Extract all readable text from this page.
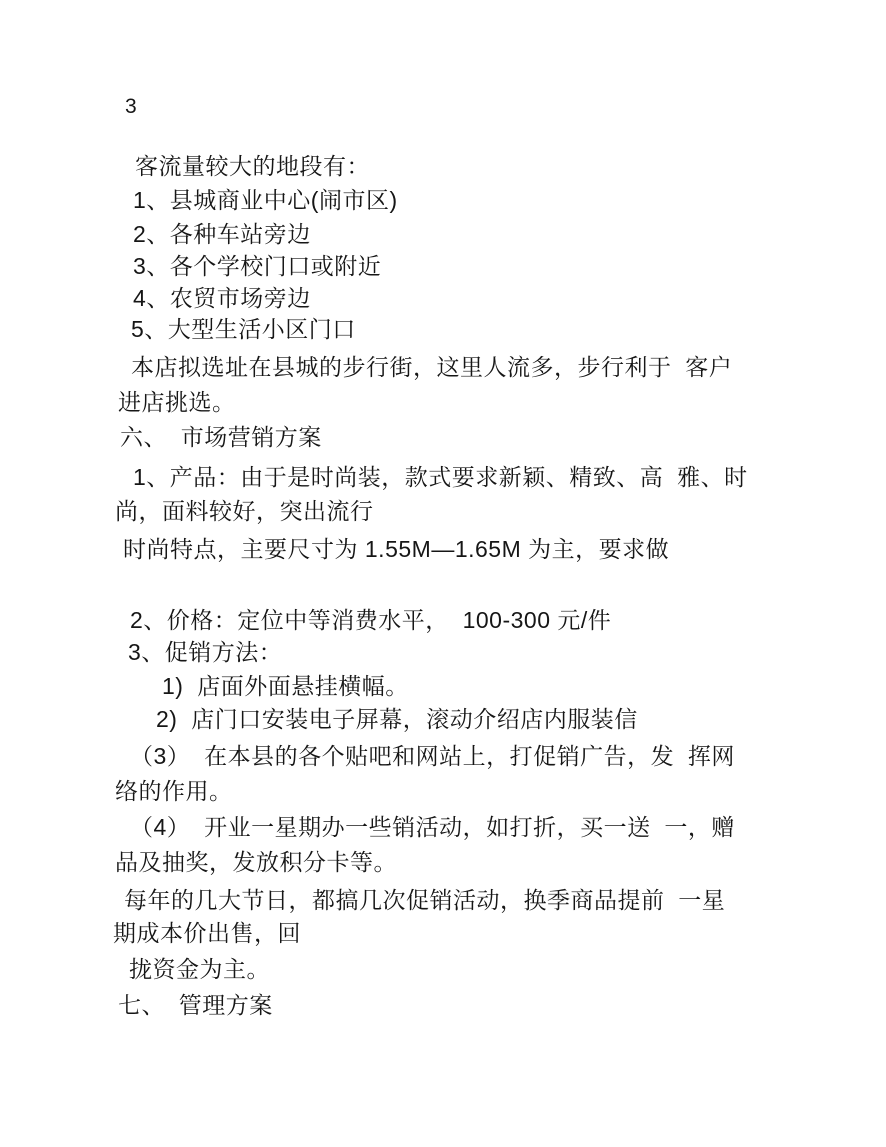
3
客流量较大的地段有：
1、县城商业中心(闹市区)
2、各种车站旁边
3、各个学校门口或附近
4、农贸市场旁边
5、大型生活小区门口
本店拟选址在县城的步行街，这里人流多，步行利于  客户
进店挑选。
六、  市场营销方案
1、产品：由于是时尚装，款式要求新颖、精致、高  雅、时
尚，面料较好，突出流行
时尚特点，主要尺寸为 1.55M—1.65M 为主，要求做
2、价格：定位中等消费水平，  100-300 元/件
3、促销方法：
1)  店面外面悬挂横幅。
2)  店门口安装电子屏幕，滚动介绍店内服装信
（3）  在本县的各个贴吧和网站上，打促销广告，发  挥网
络的作用。
（4）  开业一星期办一些销活动，如打折，买一送  一，赠
品及抽奖，发放积分卡等。
每年的几大节日，都搞几次促销活动，换季商品提前  一星
期成本价出售，回
拢资金为主。
七、  管理方案
